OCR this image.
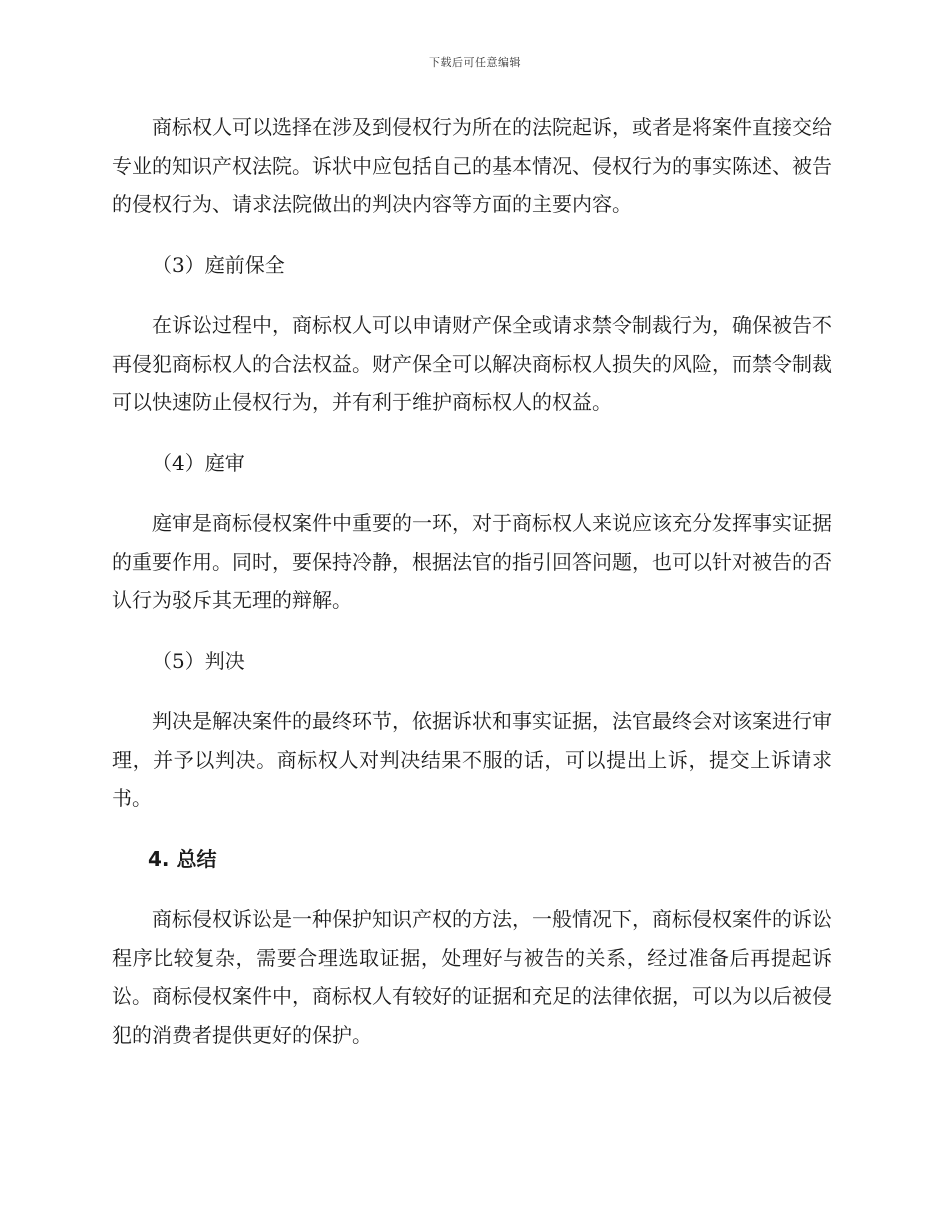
下载后可任意编辑

商标权人可以选择在涉及到侵权行为所在的法院起诉，或者是将案件直接交给专业的知识产权法院。诉状中应包括自己的基本情况、侵权行为的事实陈述、被告的侵权行为、请求法院做出的判决内容等方面的主要内容。

（3）庭前保全

在诉讼过程中，商标权人可以申请财产保全或请求禁令制裁行为，确保被告不再侵犯商标权人的合法权益。财产保全可以解决商标权人损失的风险，而禁令制裁可以快速防止侵权行为，并有利于维护商标权人的权益。

（4）庭审

庭审是商标侵权案件中重要的一环，对于商标权人来说应该充分发挥事实证据的重要作用。同时，要保持冷静，根据法官的指引回答问题，也可以针对被告的否认行为驳斥其无理的辩解。

（5）判决

判决是解决案件的最终环节，依据诉状和事实证据，法官最终会对该案进行审理，并予以判决。商标权人对判决结果不服的话，可以提出上诉，提交上诉请求书。

4. 总结

商标侵权诉讼是一种保护知识产权的方法，一般情况下，商标侵权案件的诉讼程序比较复杂，需要合理选取证据，处理好与被告的关系，经过准备后再提起诉讼。商标侵权案件中，商标权人有较好的证据和充足的法律依据，可以为以后被侵犯的消费者提供更好的保护。
